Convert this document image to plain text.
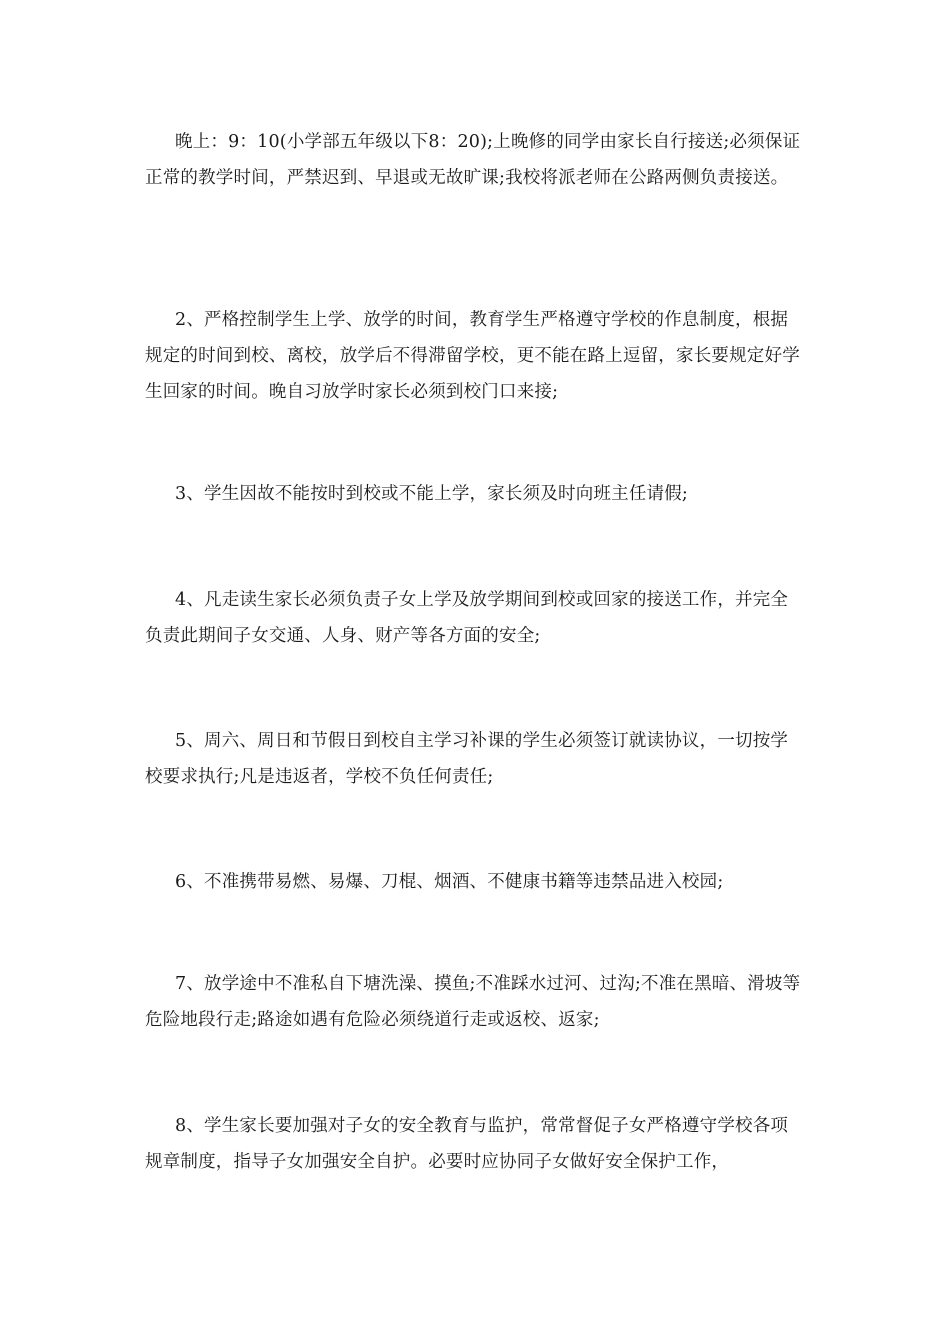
晚上：9：10(小学部五年级以下8：20);上晚修的同学由家长自行接送;必须保证正常的教学时间，严禁迟到、早退或无故旷课;我校将派老师在公路两侧负责接送。

2、严格控制学生上学、放学的时间，教育学生严格遵守学校的作息制度，根据规定的时间到校、离校，放学后不得滞留学校，更不能在路上逗留，家长要规定好学生回家的时间。晚自习放学时家长必须到校门口来接;

3、学生因故不能按时到校或不能上学，家长须及时向班主任请假;

4、凡走读生家长必须负责子女上学及放学期间到校或回家的接送工作，并完全负责此期间子女交通、人身、财产等各方面的安全;

5、周六、周日和节假日到校自主学习补课的学生必须签订就读协议，一切按学校要求执行;凡是违返者，学校不负任何责任;

6、不准携带易燃、易爆、刀棍、烟酒、不健康书籍等违禁品进入校园;

7、放学途中不准私自下塘洗澡、摸鱼;不准踩水过河、过沟;不准在黑暗、滑坡等危险地段行走;路途如遇有危险必须绕道行走或返校、返家;

8、学生家长要加强对子女的安全教育与监护，常常督促子女严格遵守学校各项规章制度，指导子女加强安全自护。必要时应协同子女做好安全保护工作，
